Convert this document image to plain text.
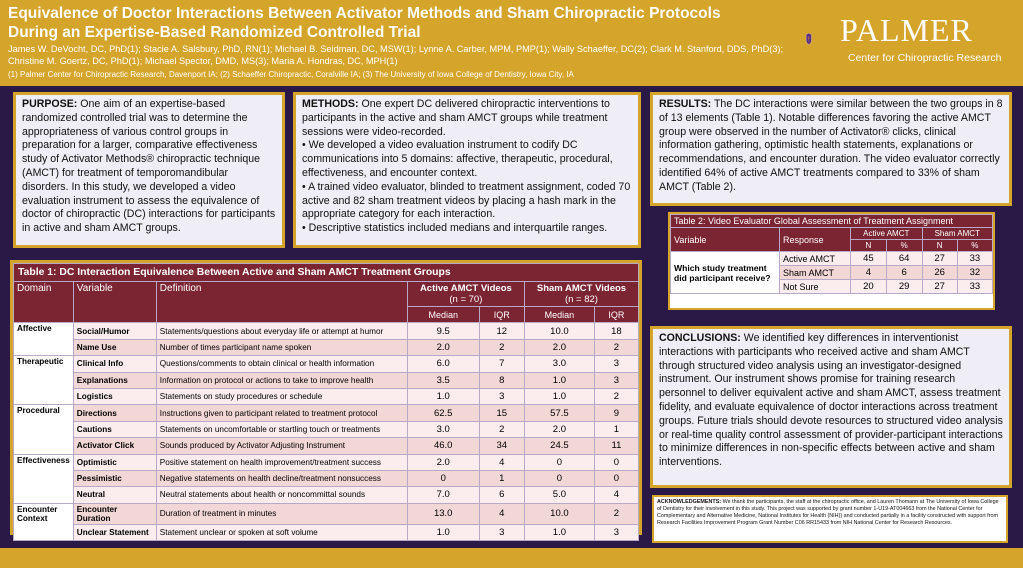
Equivalence of Doctor Interactions Between Activator Methods and Sham Chiropractic Protocols
During an Expertise-Based Randomized Controlled Trial
James W. DeVocht, DC, PhD(1); Stacie A. Salsbury, PhD, RN(1); Michael B. Seidman, DC, MSW(1); Lynne A. Carber, MPM, PMP(1); Wally Schaeffer, DC(2); Clark M. Stanford, DDS, PhD(3);
Christine M. Goertz, DC, PhD(1); Michael Spector, DMD, MS(3); Maria A. Hondras, DC, MPH(1)
(1) Palmer Center for Chiropractic Research, Davenport IA; (2) Schaeffer Chiropractic, Coralville IA; (3) The University of Iowa College of Dentistry, Iowa City, IA
PALMER
Center for Chiropractic Research
PURPOSE: One aim of an expertise-based randomized controlled trial was to determine the appropriateness of various control groups in preparation for a larger, comparative effectiveness study of Activator Methods® chiropractic technique (AMCT) for treatment of temporomandibular disorders. In this study, we developed a video evaluation instrument to assess the equivalence of doctor of chiropractic (DC) interactions for participants in active and sham AMCT groups.
METHODS: One expert DC delivered chiropractic interventions to participants in the active and sham AMCT groups while treatment sessions were video-recorded.
• We developed a video evaluation instrument to codify DC communications into 5 domains: affective, therapeutic, procedural, effectiveness, and encounter context.
• A trained video evaluator, blinded to treatment assignment, coded 70 active and 82 sham treatment videos by placing a hash mark in the appropriate category for each interaction.
• Descriptive statistics included medians and interquartile ranges.
RESULTS: The DC interactions were similar between the two groups in 8 of 13 elements (Table 1). Notable differences favoring the active AMCT group were observed in the number of Activator® clicks, clinical information gathering, optimistic health statements, explanations or recommendations, and encounter duration. The video evaluator correctly identified 64% of active AMCT treatments compared to 33% of sham AMCT (Table 2).
Table 2: Video Evaluator Global Assessment of Treatment Assignment					
Variable	Response	Active AMCT		Sham AMCT	
		N	%	N	%
Which study treatment did participant receive?	Active AMCT	45	64	27	33
	Sham AMCT	4	6	26	32
	Not Sure	20	29	27	33
CONCLUSIONS: We identified key differences in interventionist interactions with participants who received active and sham AMCT through structured video analysis using an investigator-designed instrument. Our instrument shows promise for training research personnel to deliver equivalent active and sham AMCT, assess treatment fidelity, and evaluate equivalence of doctor interactions across treatment groups. Future trials should devote resources to structured video analysis or real-time quality control assessment of provider-participant interactions to minimize differences in non-specific effects between active and sham interventions.
ACKNOWLEDGEMENTS: We thank the participants, the staff at the chiropractic office, and Lauren Thomann at The University of Iowa College of Dentistry for their involvement in this study. This project was supported by grant number 1-U19-AT004663 from the National Center for Complementary and Alternative Medicine, National Institutes for Health (NIH)) and conducted partially in a facility constructed with support from Research Facilities Improvement Program Grant Number C06 RR15433 from NIH National Center for Research Resources.
Table 1: DC Interaction Equivalence Between Active and Sham AMCT Treatment Groups						
Domain	Variable	Definition	Active AMCT Videos
(n = 70)		Sham AMCT Videos
(n = 82)	
			Median	IQR	Median	IQR
Affective	Social/Humor	Statements/questions about everyday life or attempt at humor	9.5	12	10.0	18
	Name Use	Number of times participant name spoken	2.0	2	2.0	2
Therapeutic	Clinical Info	Questions/comments to obtain clinical or health information	6.0	7	3.0	3
	Explanations	Information on protocol or actions to take to improve health	3.5	8	1.0	3
	Logistics	Statements on study procedures or schedule	1.0	3	1.0	2
Procedural	Directions	Instructions given to participant related to treatment protocol	62.5	15	57.5	9
	Cautions	Statements on uncomfortable or startling touch or treatments	3.0	2	2.0	1
	Activator Click	Sounds produced by Activator Adjusting Instrument	46.0	34	24.5	11
Effectiveness	Optimistic	Positive statement on health improvement/treatment success	2.0	4	0	0
	Pessimistic	Negative statements on health decline/treatment nonsuccess	0	1	0	0
	Neutral	Neutral statements about health or noncommittal sounds	7.0	6	5.0	4
Encounter Context	Encounter Duration	Duration of treatment in minutes	13.0	4	10.0	2
	Unclear Statement	Statement unclear or spoken at soft volume	1.0	3	1.0	3
